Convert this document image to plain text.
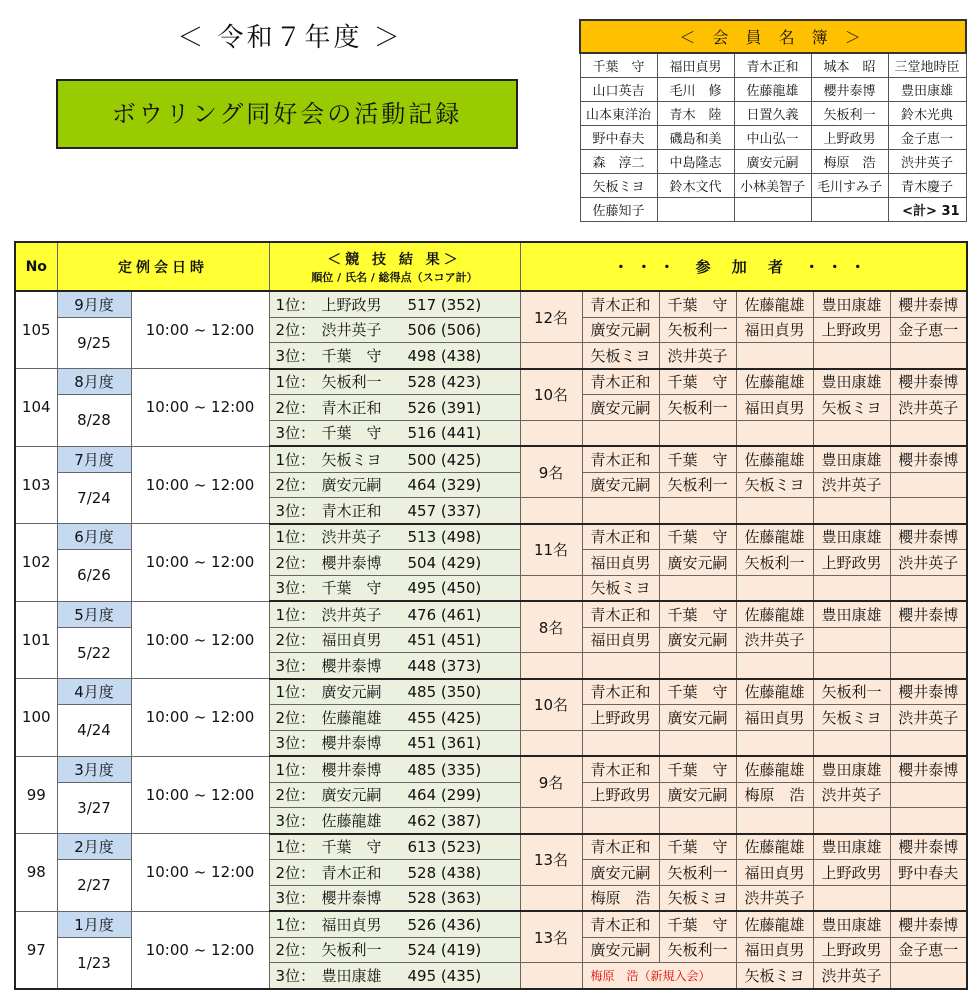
＜ 令和７年度 ＞
ボウリング同好会の活動記録
＜ 会 員 名 簿 ＞				
千葉　守	福田貞男	青木正和	城本　昭	三堂地時臣
山口英吉	毛川　修	佐藤龍雄	櫻井泰博	豊田康雄
山本東洋治	青木　陸	日置久義	矢板利一	鈴木光典
野中春夫	磯島和美	中山弘一	上野政男	金子恵一
森　淳二	中島隆志	廣安元嗣	梅原　浩	渋井英子
矢板ミヨ	鈴木文代	小林美智子	毛川すみ子	青木慶子
佐藤知子				<計> 31
No	定例会日時		＜競 技 結 果＞
順位 / 氏名 / 総得点（スコア計）	・・・ 参 加 者 ・・・					
105	9月度	10:00 ~ 12:00	1位： 上野政男 517 (352)	12名	青木正和	千葉　守	佐藤龍雄	豊田康雄	櫻井泰博
	9/25		2位： 渋井英子 506 (506)		廣安元嗣	矢板利一	福田貞男	上野政男	金子恵一
			3位： 千葉　守 498 (438)		矢板ミヨ	渋井英子			
104	8月度	10:00 ~ 12:00	1位： 矢板利一 528 (423)	10名	青木正和	千葉　守	佐藤龍雄	豊田康雄	櫻井泰博
	8/28		2位： 青木正和 526 (391)		廣安元嗣	矢板利一	福田貞男	矢板ミヨ	渋井英子
			3位： 千葉　守 516 (441)						
103	7月度	10:00 ~ 12:00	1位： 矢板ミヨ 500 (425)	9名	青木正和	千葉　守	佐藤龍雄	豊田康雄	櫻井泰博
	7/24		2位： 廣安元嗣 464 (329)		廣安元嗣	矢板利一	矢板ミヨ	渋井英子	
			3位： 青木正和 457 (337)						
102	6月度	10:00 ~ 12:00	1位： 渋井英子 513 (498)	11名	青木正和	千葉　守	佐藤龍雄	豊田康雄	櫻井泰博
	6/26		2位： 櫻井泰博 504 (429)		福田貞男	廣安元嗣	矢板利一	上野政男	渋井英子
			3位： 千葉　守 495 (450)		矢板ミヨ				
101	5月度	10:00 ~ 12:00	1位： 渋井英子 476 (461)	8名	青木正和	千葉　守	佐藤龍雄	豊田康雄	櫻井泰博
	5/22		2位： 福田貞男 451 (451)		福田貞男	廣安元嗣	渋井英子		
			3位： 櫻井泰博 448 (373)						
100	4月度	10:00 ~ 12:00	1位： 廣安元嗣 485 (350)	10名	青木正和	千葉　守	佐藤龍雄	矢板利一	櫻井泰博
	4/24		2位： 佐藤龍雄 455 (425)		上野政男	廣安元嗣	福田貞男	矢板ミヨ	渋井英子
			3位： 櫻井泰博 451 (361)						
99	3月度	10:00 ~ 12:00	1位： 櫻井泰博 485 (335)	9名	青木正和	千葉　守	佐藤龍雄	豊田康雄	櫻井泰博
	3/27		2位： 廣安元嗣 464 (299)		上野政男	廣安元嗣	梅原　浩	渋井英子	
			3位： 佐藤龍雄 462 (387)						
98	2月度	10:00 ~ 12:00	1位： 千葉　守 613 (523)	13名	青木正和	千葉　守	佐藤龍雄	豊田康雄	櫻井泰博
	2/27		2位： 青木正和 528 (438)		廣安元嗣	矢板利一	福田貞男	上野政男	野中春夫
			3位： 櫻井泰博 528 (363)		梅原　浩	矢板ミヨ	渋井英子		
97	1月度	10:00 ~ 12:00	1位： 福田貞男 526 (436)	13名	青木正和	千葉　守	佐藤龍雄	豊田康雄	櫻井泰博
	1/23		2位： 矢板利一 524 (419)		廣安元嗣	矢板利一	福田貞男	上野政男	金子恵一
			3位： 豊田康雄 495 (435)		梅原　浩（新規入会）		矢板ミヨ	渋井英子	
